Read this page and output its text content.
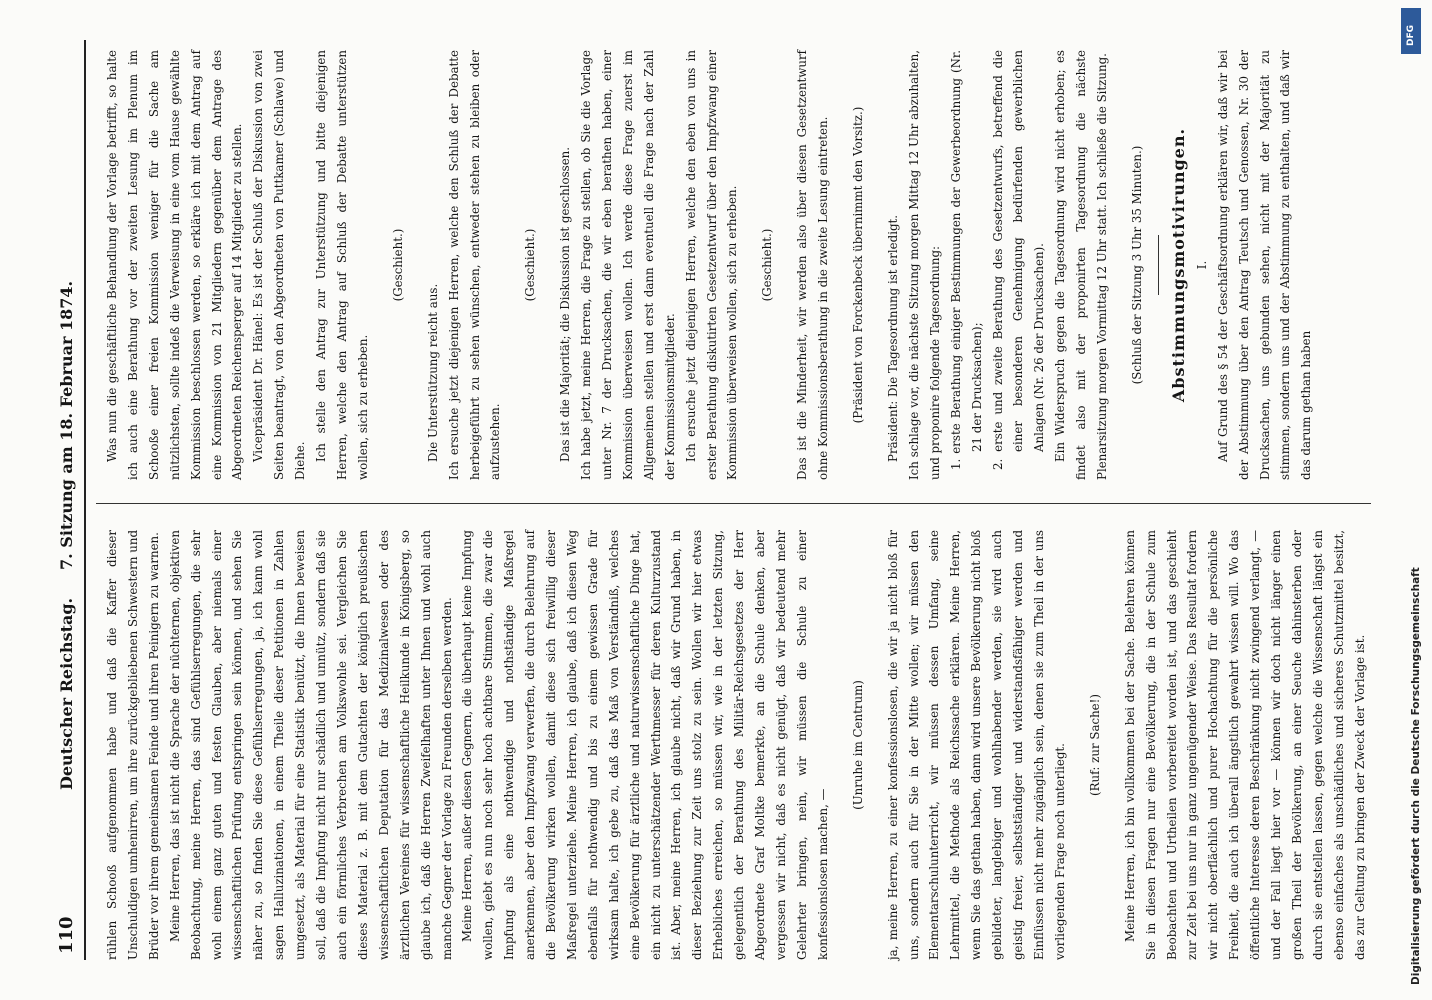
110
Deutscher Reichstag.
7. Sitzung am 18. Februar 1874.

rühlen Schooß aufgenommen habe und daß die Kaffer dieser Unschuldigen umhenirren, um ihre zurückgebliebenen Schwestern und Brüder vor ihrem gemeinsamen Feinde und ihren Peinigern zu warnen. Meine Herren, das ist nicht die Sprache der nüchternen, objektiven Beobachtung, meine Herren, das sind Gefühlserregungen, die sehr wohl einem ganz guten und festen Glauben, aber niemals einer wissenschaftlichen Prüfung entspringen sein können, und sehen Sie näher zu, so finden Sie diese Gefühlserregungen, ja, ich kann wohl sagen Halluzinationen, in einem Theile dieser Petitionen in Zahlen umgesetzt, als Material für eine Statistik benützt, die Ihnen beweisen soll, daß die Impfung nicht nur schädlich und unnütz, sondern daß sie auch ein förmliches Verbrechen am Volkswohle sei. Vergleichen Sie dieses Material z. B. mit dem Gutachten der königlich preußischen wissenschaftlichen Deputation für das Medizinalwesen oder des ärztlichen Vereines für wissenschaftliche Heilkunde in Königsberg, so glaube ich, daß die Herren Zweifelhaften unter Ihnen und wohl auch manche Gegner der Vorlage zu Freunden derselben werden. Meine Herren, außer diesen Gegnern, die überhaupt keine Impfung wollen, giebt es nun noch sehr hoch achtbare Stimmen, die zwar die Impfung als eine nothwendige und nothständige Maßregel anerkennen, aber den Impfzwang verwerfen, die durch Belehrung auf die Bevölkerung wirken wollen, damit diese sich freiwillig dieser Maßregel unterziehe. Meine Herren, ich glaube, daß ich diesen Weg ebenfalls für nothwendig und bis zu einem gewissen Grade für wirksam halte, ich gebe zu, daß das Maß von Verständniß, welches eine Bevölkerung für ärztliche und naturwissenschaftliche Dinge hat, ein nicht zu unterschätzender Werthmesser für deren Kulturzustand ist. Aber, meine Herren, ich glaube nicht, daß wir Grund haben, in dieser Beziehung zur Zeit uns stolz zu sein. Wollen wir hier etwas Erhebliches erreichen, so müssen wir, wie in der letzten Sitzung, gelegentlich der Berathung des Militär-Reichsgesetzes der Herr Abgeordnete Graf Moltke bemerkte, an die Schule denken, aber vergessen wir nicht, daß es nicht genügt, daß wir bedeutend mehr Gelehrter bringen, nein, wir müssen die Schule zu einer konfessionslosen machen, —

(Unruhe im Centrum)	ja, meine Herren, zu einer konfessionslosen, die wir ja nicht bloß für uns, sondern auch für Sie in der Mitte wollen; wir müssen den Elementarschulunterricht, wir müssen dessen Umfang, seine Lehrmittel, die Methode als Reichssache erklären. Meine Herren, wenn Sie das gethan haben, dann wird unsere Bevölkerung nicht bloß gebildeter, langlebiger und wohlhabender werden, sie wird auch geistig freier, selbstständiger und widerstandsfähiger werden und Einflüssen nicht mehr zugänglich sein, denen sie zum Theil in der uns vorliegenden Frage noch unterliegt.	(Ruf: zur Sache!)	Meine Herren, ich bin vollkommen bei der Sache. Belehren können Sie in diesen Fragen nur eine Bevölkerung, die in der Schule zum Beobachten und Urtheilen vorbereitet worden ist, und das geschieht zur Zeit bei uns nur in ganz ungenügender Weise. Das Resultat fordern wir nicht oberflächlich und purer Hochachtung für die persönliche Freiheit, die auch ich überall ängstlich gewahrt wissen will. Wo das öffentliche Interesse deren Beschränkung nicht zwingend verlangt, — und der Fall liegt hier vor — können wir doch nicht länger einen großen Theil der Bevölkerung, an einer Seuche dahinsterben oder durch sie entstellen lassen, gegen welche die Wissenschaft längst ein ebenso einfaches als unschädliches und sicheres Schutzmittel besitzt, das zur Geltung zu bringen der Zweck der Vorlage ist.

Was nun die geschäftliche Behandlung der Vorlage betrifft, so halte ich auch eine Berathung vor der zweiten Lesung im Plenum im Schooße einer freien Kommission weniger für die Sache am nützlichsten, sollte indeß die Verweisung in eine vom Hause gewählte Kommission beschlossen werden, so erkläre ich mit dem Antrag auf eine Kommission von 21 Mitgliedern gegenüber dem Antrage des Abgeordneten Reichensperger auf 14 Mitglieder zu stellen. Vicepräsident Dr. Hänel: Es ist der Schluß der Diskussion von zwei Seiten beantragt, von den Abgeordneten von Puttkamer (Schlawe) und Diehe. Ich stelle den Antrag zur Unterstützung und bitte diejenigen Herren, welche den Antrag auf Schluß der Debatte unterstützen wollen, sich zu erheben.

(Geschieht.)

Die Unterstützung reicht aus. Ich ersuche jetzt diejenigen Herren, welche den Schluß der Debatte herbeigeführt zu sehen wünschen, entweder stehen zu bleiben oder aufzustehen.

(Geschieht.)	Das ist die Majorität; die Diskussion ist geschlossen. Ich habe jetzt, meine Herren, die Frage zu stellen, ob Sie die Vorlage unter Nr. 7 der Drucksachen, die wir eben berathen haben, einer Kommission überweisen wollen. Ich werde diese Frage zuerst im Allgemeinen stellen und erst dann eventuell die Frage nach der Zahl der Kommissionsmitglieder. Ich ersuche jetzt diejenigen Herren, welche den eben von uns in erster Berathung diskutirten Gesetzentwurf über den Impfzwang einer Kommission überweisen wollen, sich zu erheben.	(Geschieht.)	Das ist die Minderheit, wir werden also über diesen Gesetzentwurf ohne Kommissionsberathung in die zweite Lesung eintreten.	(Präsident von Forckenbeck übernimmt den Vorsitz.)	Präsident: Die Tagesordnung ist erledigt. Ich schlage vor, die nächste Sitzung morgen Mittag 12 Uhr abzuhalten, und proponire folgende Tagesordnung: 1. erste Berathung einiger Bestimmungen der Gewerbeordnung (Nr. 21 der Drucksachen); 2. erste und zweite Berathung des Gesetzentwurfs, betreffend die einer besonderen Genehmigung bedürfenden gewerblichen Anlagen (Nr. 26 der Drucksachen). Ein Widerspruch gegen die Tagesordnung wird nicht erhoben; es findet also mit der proponirten Tagesordnung die nächste Plenarsitzung morgen Vormittag 12 Uhr statt. Ich schließe die Sitzung.	(Schluß der Sitzung 3 Uhr 35 Minuten.) Abstimmungsmotivirungen. I. Auf Grund des § 54 der Geschäftsordnung erklären wir, daß wir bei der Abstimmung über den Antrag Teutsch und Genossen, Nr. 30 der Drucksachen, uns gebunden sehen, nicht mit der Majorität zu stimmen, sondern uns und der Abstimmung zu enthalten, und daß wir das darum gethan haben

DFG
Digitalisierung gefördert durch die Deutsche Forschungsgemeinschaft
